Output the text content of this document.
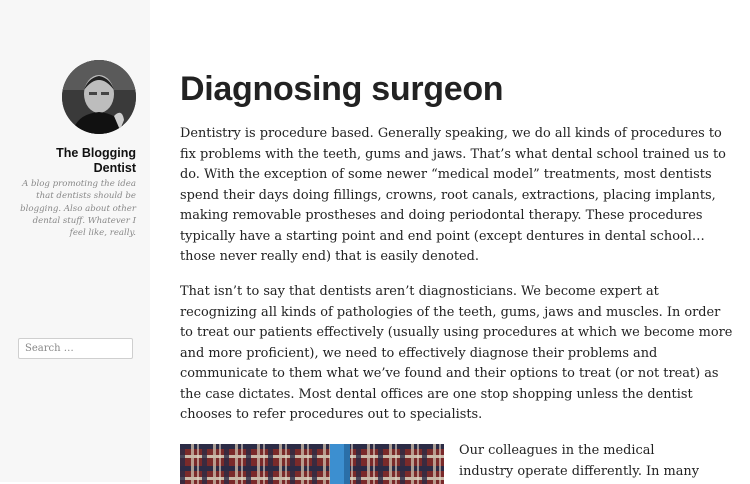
The Blogging
Dentist
A blog promoting the idea
that dentists should be
blogging. Also about other
dental stuff. Whatever I
feel like, really.
Search …
Diagnosing surgeon
Dentistry is procedure based. Generally speaking, we do all kinds of procedures to
fix problems with the teeth, gums and jaws. That’s what dental school trained us to
do. With the exception of some newer “medical model” treatments, most dentists
spend their days doing fillings, crowns, root canals, extractions, placing implants,
making removable prostheses and doing periodontal therapy. These procedures
typically have a starting point and end point (except dentures in dental school…
those never really end) that is easily denoted.
That isn’t to say that dentists aren’t diagnosticians. We become expert at
recognizing all kinds of pathologies of the teeth, gums, jaws and muscles. In order
to treat our patients effectively (usually using procedures at which we become more
and more proficient), we need to effectively diagnose their problems and
communicate to them what we’ve found and their options to treat (or not treat) as
the case dictates. Most dental offices are one stop shopping unless the dentist
chooses to refer procedures out to specialists.
Our colleagues in the medical
industry operate differently. In many
